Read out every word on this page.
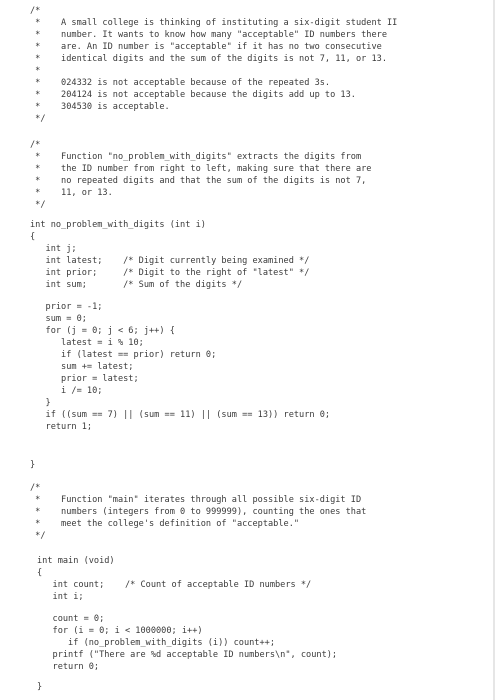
/*
*    A small college is thinking of instituting a six-digit student II
*    number. It wants to know how many "acceptable" ID numbers there
*    are. An ID number is "acceptable" if it has no two consecutive
*    identical digits and the sum of the digits is not 7, 11, or 13.
*
*    024332 is not acceptable because of the repeated 3s.
*    204124 is not acceptable because the digits add up to 13.
*    304530 is acceptable.
*/
/*
*    Function "no_problem_with_digits" extracts the digits from
*    the ID number from right to left, making sure that there are
*    no repeated digits and that the sum of the digits is not 7,
*    11, or 13.
*/
int no_problem_with_digits (int i)
{
int j;
int latest;    /* Digit currently being examined */
int prior;     /* Digit to the right of "latest" */
int sum;       /* Sum of the digits */
prior = -1;
sum = 0;
for (j = 0; j < 6; j++) {
latest = i % 10;
if (latest == prior) return 0;
sum += latest;
prior = latest;
i /= 10;
}
if ((sum == 7) || (sum == 11) || (sum == 13)) return 0;
return 1;
}
/*
*    Function "main" iterates through all possible six-digit ID
*    numbers (integers from 0 to 999999), counting the ones that
*    meet the college's definition of "acceptable."
*/
int main (void)
{
int count;    /* Count of acceptable ID numbers */
int i;
count = 0;
for (i = 0; i < 1000000; i++)
if (no_problem_with_digits (i)) count++;
printf ("There are %d acceptable ID numbers\n", count);
return 0;
}
